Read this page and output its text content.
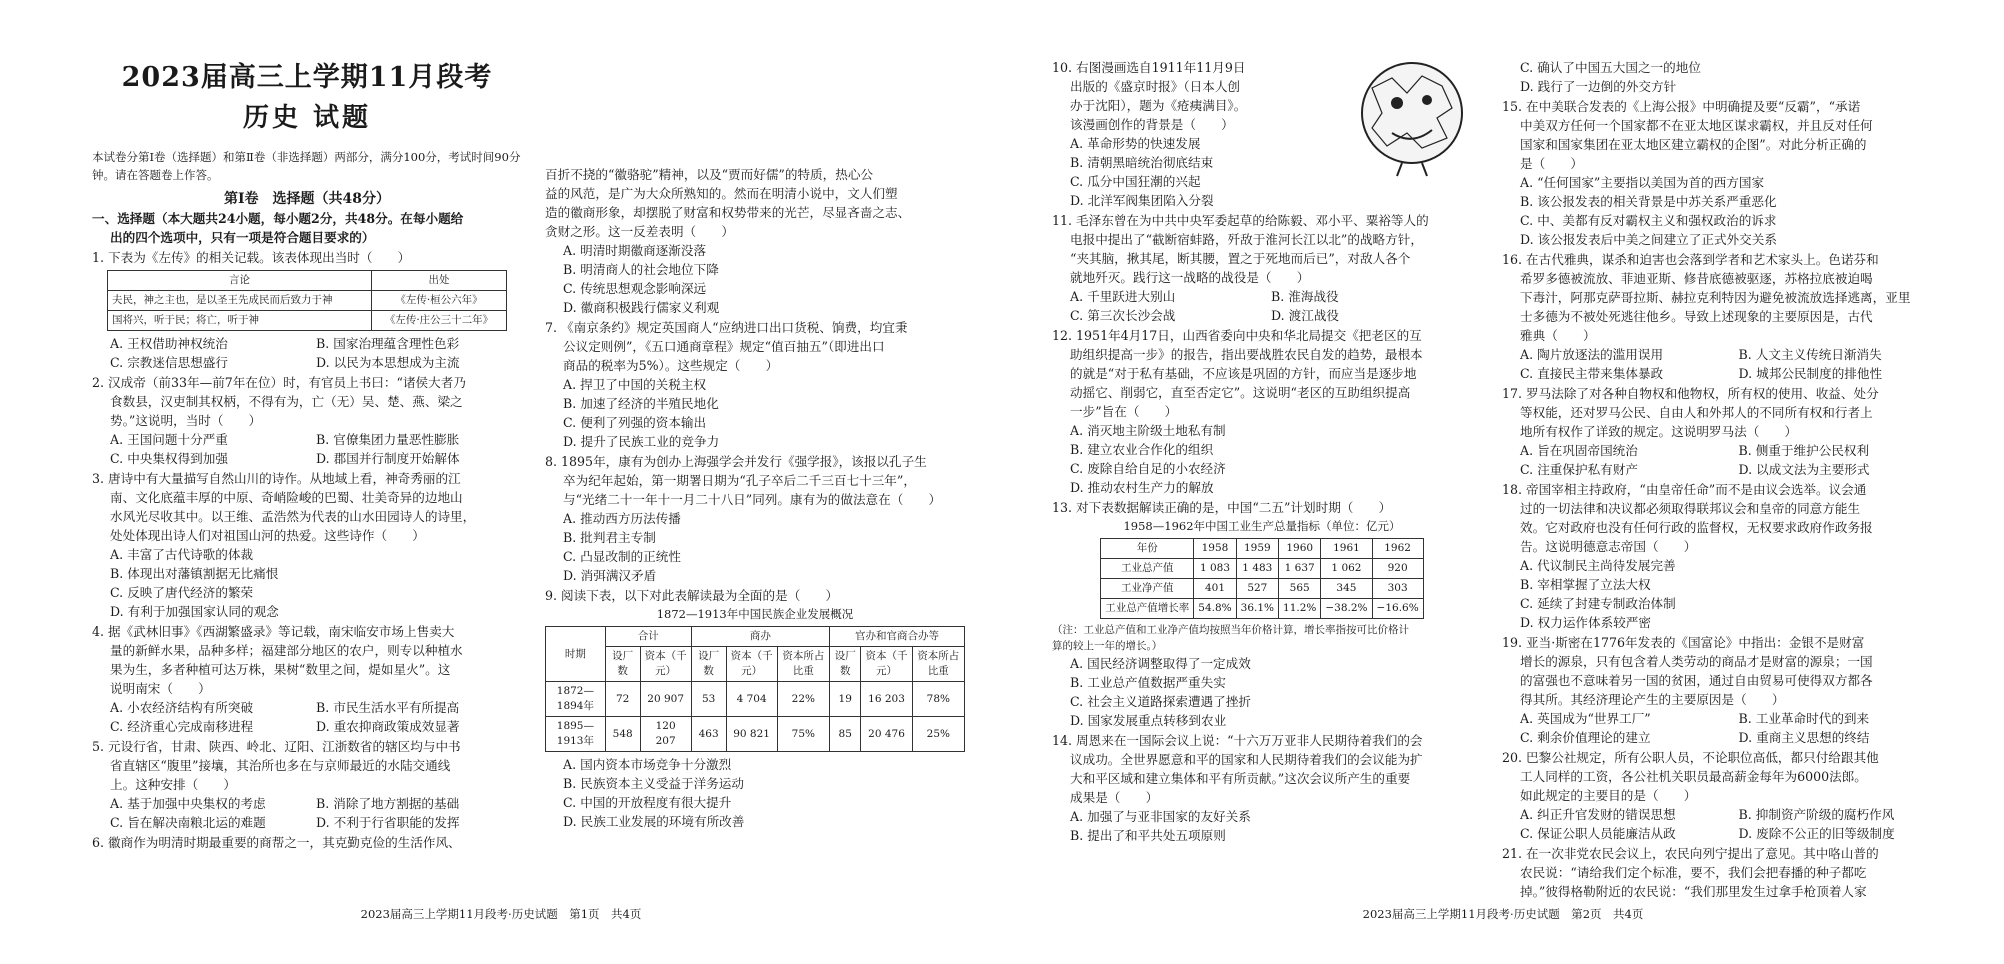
2023届高三上学期11月段考
历史 试题
本试卷分第Ⅰ卷（选择题）和第Ⅱ卷（非选择题）两部分，满分100分，考试时间90分钟。请在答题卷上作答。
第Ⅰ卷　选择题（共48分）
一、选择题（本大题共24小题，每小题2分，共48分。在每小题给
出的四个选项中，只有一项是符合题目要求的）
1. 下表为《左传》的相关记载。该表体现出当时（　　）
言论	出处
夫民，神之主也，是以圣王先成民而后致力于神	《左传·桓公六年》
国将兴，听于民；将亡，听于神	《左传·庄公三十二年》
A. 王权借助神权统治	B. 国家治理蕴含理性色彩
C. 宗教迷信思想盛行	D. 以民为本思想成为主流
2. 汉成帝（前33年—前7年在位）时，有官员上书曰：“诸侯大者乃
食数县，汉吏制其权柄，不得有为，亡（无）吴、楚、燕、梁之
势。”这说明，当时（　　）
A. 王国问题十分严重	B. 官僚集团力量恶性膨胀
C. 中央集权得到加强	D. 郡国并行制度开始解体
3. 唐诗中有大量描写自然山川的诗作。从地域上看，神奇秀丽的江
南、文化底蕴丰厚的中原、奇峭险峻的巴蜀、壮美奇异的边地山
水风光尽收其中。以王维、孟浩然为代表的山水田园诗人的诗里，
处处体现出诗人们对祖国山河的热爱。这些诗作（　　）
A. 丰富了古代诗歌的体裁
B. 体现出对藩镇割据无比痛恨
C. 反映了唐代经济的繁荣
D. 有利于加强国家认同的观念
4. 据《武林旧事》《西湖繁盛录》等记载，南宋临安市场上售卖大
量的新鲜水果，品种多样；福建部分地区的农户，则专以种植水
果为生，多者种植可达万株，果树“数里之间，煶如星火”。这
说明南宋（　　）
A. 小农经济结构有所突破	B. 市民生活水平有所提高
C. 经济重心完成南移进程	D. 重农抑商政策成效显著
5. 元设行省，甘肃、陕西、岭北、辽阳、江浙数省的辖区均与中书
省直辖区“腹里”接壤，其治所也多在与京师最近的水陆交通线
上。这种安排（　　）
A. 基于加强中央集权的考虑	B. 消除了地方割据的基础
C. 旨在解决南粮北运的难题	D. 不利于行省职能的发挥
6. 徽商作为明清时期最重要的商帮之一，其克勤克俭的生活作风、
百折不挠的“徽骆驼”精神，以及“贾而好儒”的特质，热心公
益的风范，是广为大众所熟知的。然而在明清小说中，文人们塑
造的徽商形象，却摆脱了财富和权势带来的光芒，尽显吝啬之志、
贪财之形。这一反差表明（　　）
A. 明清时期徽商逐渐没落
B. 明清商人的社会地位下降
C. 传统思想观念影响深远
D. 徽商积极践行儒家义利观
7. 《南京条约》规定英国商人“应纳进口出口货税、饷费，均宜秉
公议定则例”，《五口通商章程》规定“值百抽五”（即进出口
商品的税率为5%）。这些规定（　　）
A. 捍卫了中国的关税主权
B. 加速了经济的半殖民地化
C. 便利了列强的资本输出
D. 提升了民族工业的竞争力
8. 1895年，康有为创办上海强学会并发行《强学报》，该报以孔子生
卒为纪年起始，第一期署日期为“孔子卒后二千三百七十三年”，
与“光绪二十一年十一月二十八日”同列。康有为的做法意在（　　）
A. 推动西方历法传播
B. 批判君主专制
C. 凸显改制的正统性
D. 消弭满汉矛盾
9. 阅读下表，以下对此表解读最为全面的是（　　）
1872—1913年中国民族企业发展概况
时期	合计		商办			官办和官商合办等		
	设厂数	资本（千元）	设厂数	资本（千元）	资本所占比重	设厂数	资本（千元）	资本所占比重
1872—1894年	72	20 907	53	4 704	22%	19	16 203	78%
1895—1913年	548	120 207	463	90 821	75%	85	20 476	25%
A. 国内资本市场竞争十分激烈
B. 民族资本主义受益于洋务运动
C. 中国的开放程度有很大提升
D. 民族工业发展的环境有所改善
2023届高三上学期11月段考·历史试题　第1页　共4页
10. 右图漫画选自1911年11月9日
出版的《盛京时报》（日本人创
办于沈阳），题为《疮痍满目》。
该漫画创作的背景是（　　）
A. 革命形势的快速发展
B. 清朝黑暗统治彻底结束
C. 瓜分中国狂潮的兴起
D. 北洋军阀集团陷入分裂
11. 毛泽东曾在为中共中央军委起草的给陈毅、邓小平、粟裕等人的
电报中提出了“截断宿蚌路，歼敌于淮河长江以北”的战略方针，
“夹其脑，揪其尾，断其腰，置之于死地而后已”，对敌人各个
就地歼灭。践行这一战略的战役是（　　）
A. 千里跃进大别山	B. 淮海战役
C. 第三次长沙会战	D. 渡江战役
12. 1951年4月17日，山西省委向中央和华北局提交《把老区的互
助组织提高一步》的报告，指出要战胜农民自发的趋势，最根本
的就是“对于私有基础，不应该是巩固的方针，而应当是逐步地
动摇它、削弱它，直至否定它”。这说明“老区的互助组织提高
一步”旨在（　　）
A. 消灭地主阶级土地私有制
B. 建立农业合作化的组织
C. 废除自给自足的小农经济
D. 推动农村生产力的解放
13. 对下表数据解读正确的是，中国“二五”计划时期（　　）
1958—1962年中国工业生产总量指标（单位：亿元）
年份	1958	1959	1960	1961	1962
工业总产值	1 083	1 483	1 637	1 062	920
工业净产值	401	527	565	345	303
工业总产值增长率	54.8%	36.1%	11.2%	−38.2%	−16.6%
（注：工业总产值和工业净产值均按照当年价格计算，增长率指按可比价格计
算的较上一年的增长。）
A. 国民经济调整取得了一定成效
B. 工业总产值数据严重失实
C. 社会主义道路探索遭遇了挫折
D. 国家发展重点转移到农业
14. 周恩来在一国际会议上说：“十六万万亚非人民期待着我们的会
议成功。全世界愿意和平的国家和人民期待着我们的会议能为扩
大和平区域和建立集体和平有所贡献。”这次会议所产生的重要
成果是（　　）
A. 加强了与亚非国家的友好关系
B. 提出了和平共处五项原则
C. 确认了中国五大国之一的地位
D. 践行了一边倒的外交方针
15. 在中美联合发表的《上海公报》中明确提及要“反霸”，“承诺
中美双方任何一个国家都不在亚太地区谋求霸权，并且反对任何
国家和国家集团在亚太地区建立霸权的企图”。对此分析正确的
是（　　）
A. “任何国家”主要指以美国为首的西方国家
B. 该公报发表的相关背景是中苏关系严重恶化
C. 中、美都有反对霸权主义和强权政治的诉求
D. 该公报发表后中美之间建立了正式外交关系
16. 在古代雅典，谋杀和迫害也会落到学者和艺术家头上。色诺芬和
希罗多德被流放、菲迪亚斯、修昔底德被驱逐，苏格拉底被迫喝
下毒汁，阿那克萨哥拉斯、赫拉克利特因为避免被流放选择逃离，亚里
士多德为不被处死逃往他乡。导致上述现象的主要原因是，古代
雅典（　　）
A. 陶片放逐法的滥用误用	B. 人文主义传统日渐消失
C. 直接民主带来集体暴政	D. 城邦公民制度的排他性
17. 罗马法除了对各种自物权和他物权，所有权的使用、收益、处分
等权能，还对罗马公民、自由人和外邦人的不同所有权和行者上
地所有权作了详致的规定。这说明罗马法（　　）
A. 旨在巩固帝国统治	B. 侧重于维护公民权利
C. 注重保护私有财产	D. 以成文法为主要形式
18. 帝国宰相主持政府，“由皇帝任命”而不是由议会选举。议会通
过的一切法律和决议都必须取得联邦议会和皇帝的同意方能生
效。它对政府也没有任何行政的监督权，无权要求政府作政务报
告。这说明德意志帝国（　　）
A. 代议制民主尚待发展完善
B. 宰相掌握了立法大权
C. 延续了封建专制政治体制
D. 权力运作体系较严密
19. 亚当·斯密在1776年发表的《国富论》中指出：金银不是财富
增长的源泉，只有包含着人类劳动的商品才是财富的源泉；一国
的富强也不意味着另一国的贫困，通过自由贸易可使得双方都各
得其所。其经济理论产生的主要原因是（　　）
A. 英国成为“世界工厂”	B. 工业革命时代的到来
C. 剩余价值理论的建立	D. 重商主义思想的终结
20. 巴黎公社规定，所有公职人员，不论职位高低，都只付给跟其他
工人同样的工资，各公社机关职员最高薪金每年为6000法郎。
如此规定的主要目的是（　　）
A. 纠正升官发财的错误思想	B. 抑制资产阶级的腐朽作风
C. 保证公职人员能廉洁从政	D. 废除不公正的旧等级制度
21. 在一次非党农民会议上，农民向列宁提出了意见。其中咯山普的
农民说：“请给我们定个标准，要不，我们会把春播的种子都吃
掉。”彼得格勒附近的农民说：“我们那里发生过拿手枪顶着人家
2023届高三上学期11月段考·历史试题　第2页　共4页
